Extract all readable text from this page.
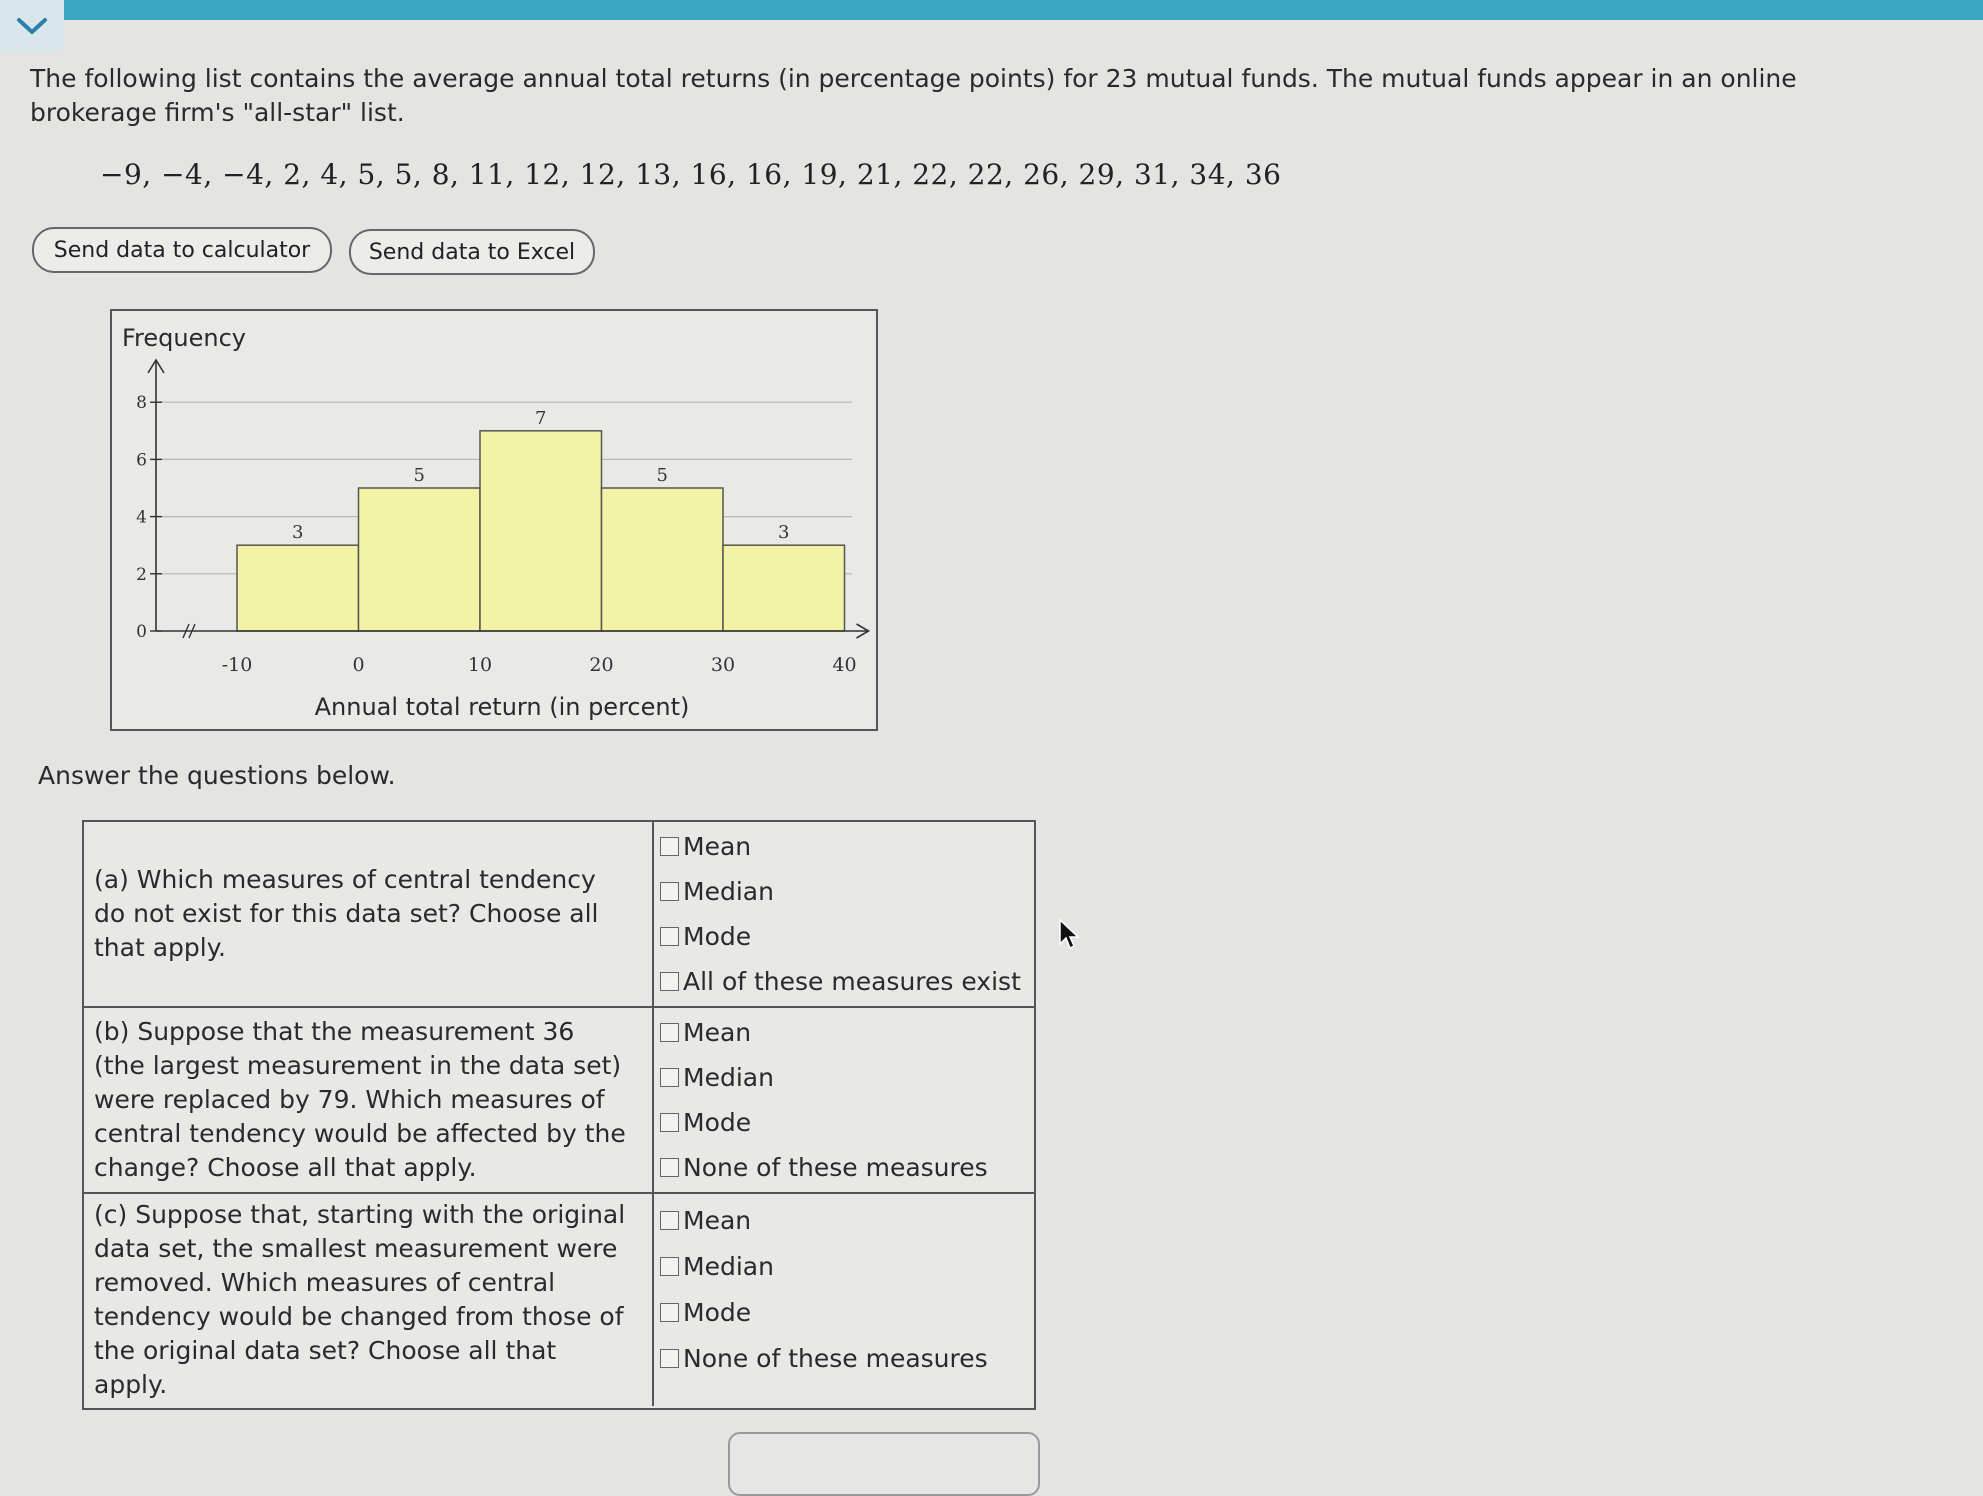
The following list contains the average annual total returns (in percentage points) for 23 mutual funds. The mutual funds appear in an online brokerage firm's "all-star" list.
−9, −4, −4, 2, 4, 5, 5, 8, 11, 12, 12, 13, 16, 16, 19, 21, 22, 22, 26, 29, 31, 34, 36
Send data to calculator	Send data to Excel
3
5
7
5
3
0
2
4
6
8
-10	0	10	20	30	40
Frequency
Annual total return (in percent)
Answer the questions below.
(a) Which measures of central tendency do not exist for this data set? Choose all that apply.
Mean
Median
Mode
All of these measures exist
(b) Suppose that the measurement 36 (the largest measurement in the data set) were replaced by 79. Which measures of central tendency would be affected by the change? Choose all that apply.
Mean
Median
Mode
None of these measures
(c) Suppose that, starting with the original data set, the smallest measurement were removed. Which measures of central tendency would be changed from those of the original data set? Choose all that apply.
Mean
Median
Mode
None of these measures
